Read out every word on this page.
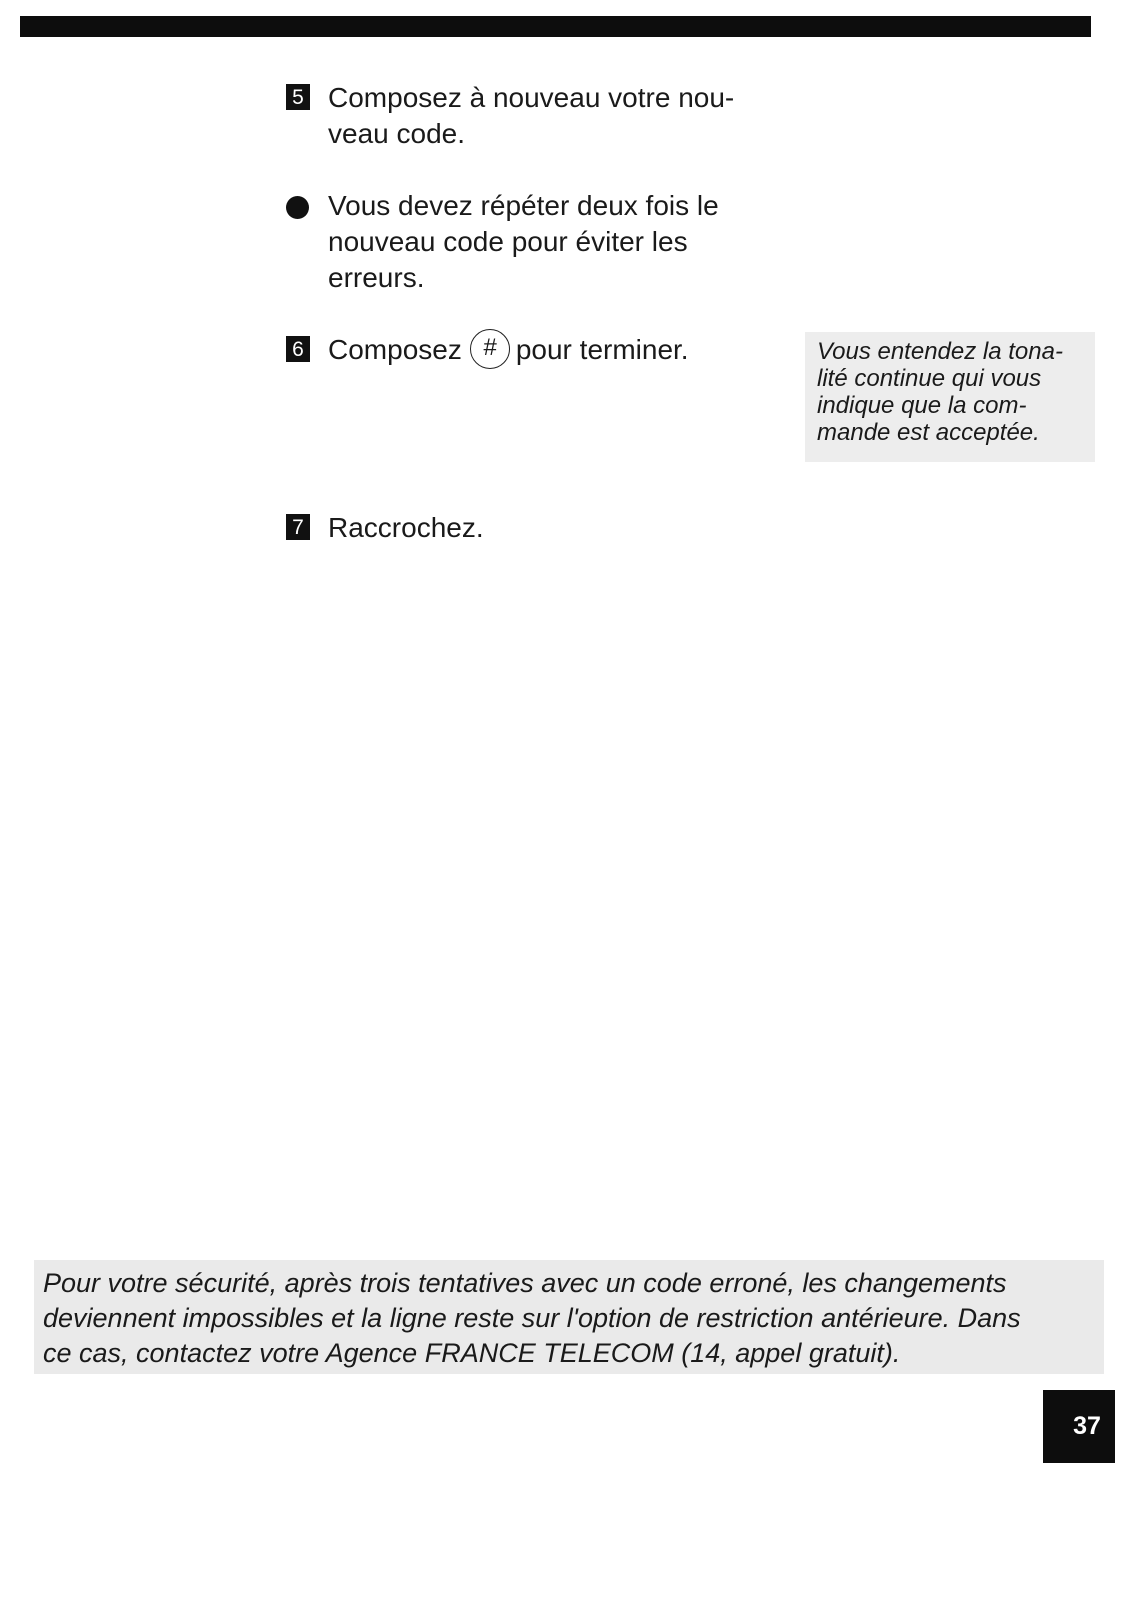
5 Composez à nouveau votre nou-
veau code.
Vous devez répéter deux fois le
nouveau code pour éviter les
erreurs.
6 Composez # pour terminer.	Vous entendez la tona-
lité continue qui vous
indique que la com-
mande est acceptée.
7 Raccrochez.
Pour votre sécurité, après trois tentatives avec un code erroné, les changements
deviennent impossibles et la ligne reste sur l'option de restriction antérieure. Dans
ce cas, contactez votre Agence FRANCE TELECOM (14, appel gratuit).
37
